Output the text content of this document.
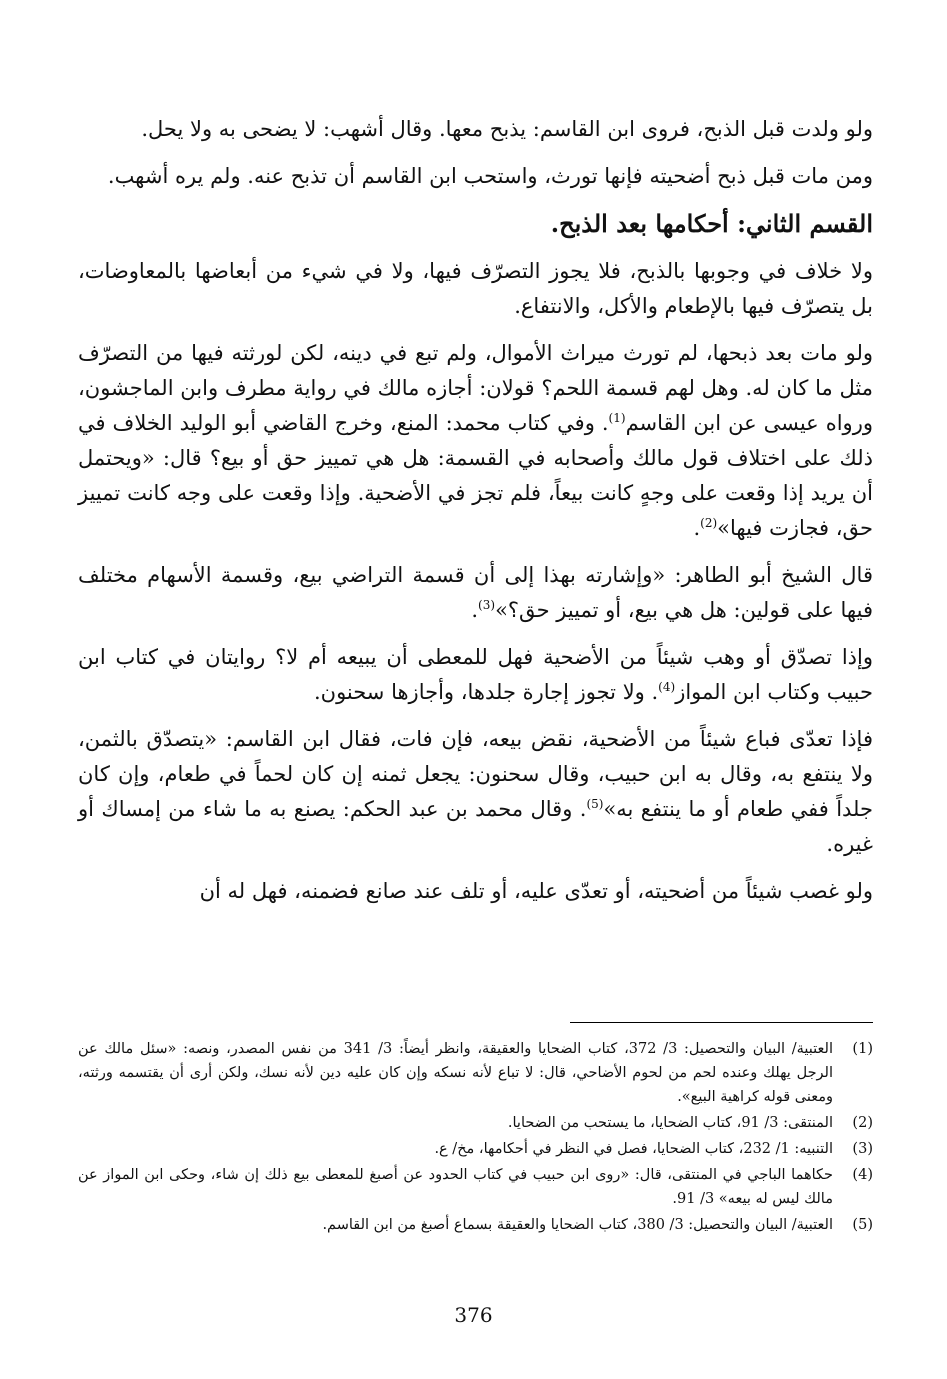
ولو ولدت قبل الذبح، فروى ابن القاسم: يذبح معها. وقال أشهب: لا يضحى به ولا يحل.

ومن مات قبل ذبح أضحيته فإنها تورث، واستحب ابن القاسم أن تذبح عنه. ولم يره أشهب.

القسم الثاني: أحكامها بعد الذبح.

ولا خلاف في وجوبها بالذبح، فلا يجوز التصرّف فيها، ولا في شيء من أبعاضها بالمعاوضات، بل يتصرّف فيها بالإطعام والأكل، والانتفاع.

ولو مات بعد ذبحها، لم تورث ميراث الأموال، ولم تبع في دينه، لكن لورثته فيها من التصرّف مثل ما كان له. وهل لهم قسمة اللحم؟ قولان: أجازه مالك في رواية مطرف وابن الماجشون، ورواه عيسى عن ابن القاسم$^{(1)}$. وفي كتاب محمد: المنع، وخرج القاضي أبو الوليد الخلاف في ذلك على اختلاف قول مالك وأصحابه في القسمة: هل هي تمييز حق أو بيع؟ قال: «ويحتمل أن يريد إذا وقعت على وجهٍ كانت بيعاً، فلم تجز في الأضحية. وإذا وقعت على وجه كانت تمييز حق، فجازت فيها»$^{(2)}$.

قال الشيخ أبو الطاهر: «وإشارته بهذا إلى أن قسمة التراضي بيع، وقسمة الأسهام مختلف فيها على قولين: هل هي بيع، أو تمييز حق؟»$^{(3)}$.

وإذا تصدّق أو وهب شيئاً من الأضحية فهل للمعطى أن يبيعه أم لا؟ روايتان في كتاب ابن حبيب وكتاب ابن المواز$^{(4)}$. ولا تجوز إجارة جلدها، وأجازها سحنون.

فإذا تعدّى فباع شيئاً من الأضحية، نقض بيعه، فإن فات، فقال ابن القاسم: «يتصدّق بالثمن، ولا ينتفع به، وقال به ابن حبيب، وقال سحنون: يجعل ثمنه إن كان لحماً في طعام، وإن كان جلداً ففي طعام أو ما ينتفع به»$^{(5)}$. وقال محمد بن عبد الحكم: يصنع به ما شاء من إمساك أو غيره.

ولو غصب شيئاً من أضحيته، أو تعدّى عليه، أو تلف عند صانع فضمنه، فهل له أن

(1)
العتبية/ البيان والتحصيل: 3/ 372، كتاب الضحايا والعقيقة، وانظر أيضاً: 3/ 341 من نفس المصدر، ونصه: «سئل مالك عن الرجل يهلك وعنده لحم من لحوم الأضاحي، قال: لا تباع لأنه نسكه وإن كان عليه دين لأنه نسك، ولكن أرى أن يقتسمه ورثته، ومعنى قوله كراهية البيع».
(2)
المنتقى: 3/ 91، كتاب الضحايا، ما يستحب من الضحايا.
(3)
التنبيه: 1/ 232، كتاب الضحايا، فصل في النظر في أحكامها، مخ/ ع.
(4)
حكاهما الباجي في المنتقى، قال: «روى ابن حبيب في كتاب الحدود عن أصبغ للمعطى بيع ذلك إن شاء، وحكى ابن المواز عن مالك ليس له بيعه» 3/ 91.
(5)
العتبية/ البيان والتحصيل: 3/ 380، كتاب الضحايا والعقيقة بسماع أصبغ من ابن القاسم.
376
